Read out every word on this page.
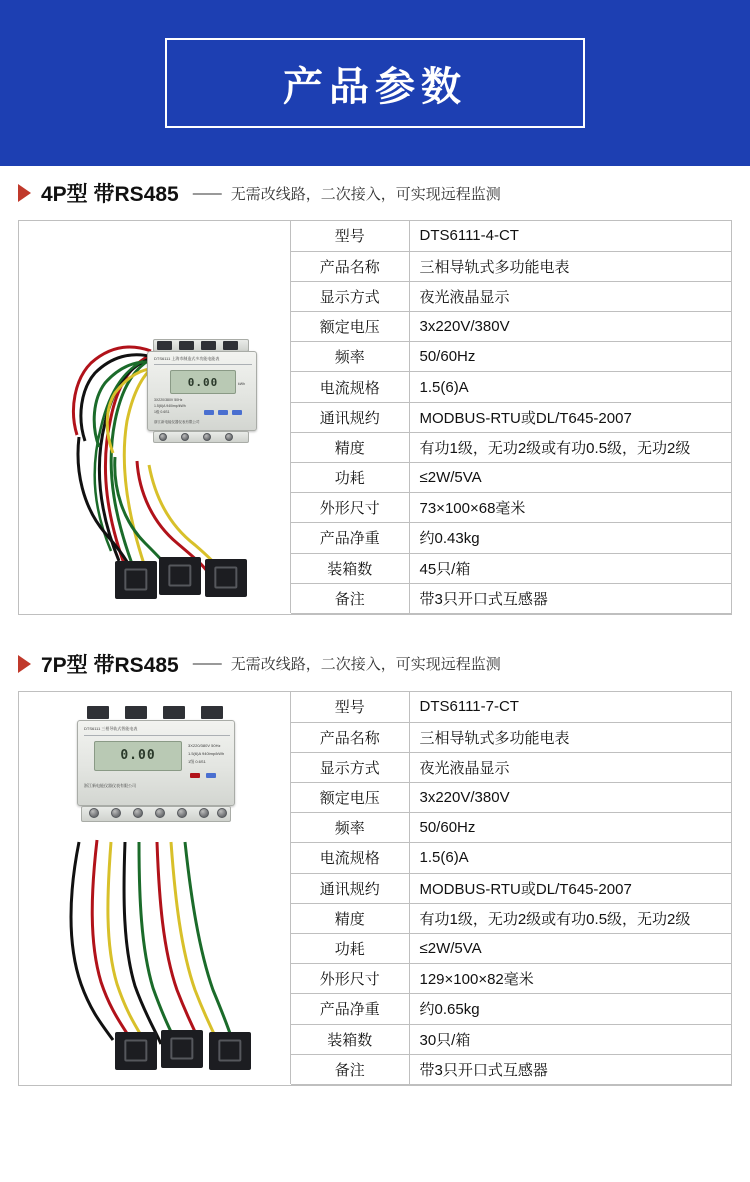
产品参数
4P型 带RS485 —— 无需改线路，二次接入，可实现远程监测
DTS6111 上海市制造式多功能电能表
0.00	kWh
3X220/380V 50Hz
1.5(6)A 940imp/kWh
1级 0.6S1
浙江新电能仪器仪表有限公司
型号	DTS6111-4-CT
产品名称	三相导轨式多功能电表
显示方式	夜光液晶显示
额定电压	3x220V/380V
频率	50/60Hz
电流规格	1.5(6)A
通讯规约	MODBUS-RTU或DL/T645-2007
精度	有功1级，无功2级或有功0.5级，无功2级
功耗	≤2W/5VA
外形尺寸	73×100×68毫米
产品净重	约0.43kg
装箱数	45只/箱
备注	带3只开口式互感器
7P型 带RS485 —— 无需改线路，二次接入，可实现远程监测
DTS6111 三相导轨式智能电表
0.00
3X220/380V 50Hz
1.5(6)A 940imp/kWh
1级 0.6S1
浙江新电能仪器仪表有限公司
型号	DTS6111-7-CT
产品名称	三相导轨式多功能电表
显示方式	夜光液晶显示
额定电压	3x220V/380V
频率	50/60Hz
电流规格	1.5(6)A
通讯规约	MODBUS-RTU或DL/T645-2007
精度	有功1级，无功2级或有功0.5级，无功2级
功耗	≤2W/5VA
外形尺寸	129×100×82毫米
产品净重	约0.65kg
装箱数	30只/箱
备注	带3只开口式互感器
